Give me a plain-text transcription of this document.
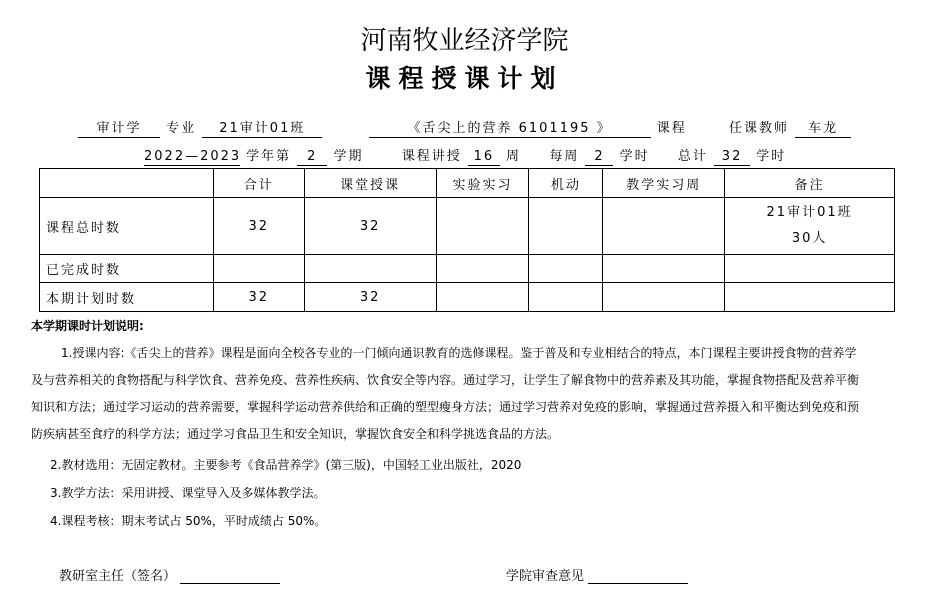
河南牧业经济学院
课程授课计划
审计学 专业 21审计01班	《舌尖上的营养 6101195 》	课程	任课教师 车龙
2022—2023 学年第 2 学期	课程讲授 16 周 每周 2 学时 总计 32 学时
	合计	课堂授课	实验实习	机动	教学实习周	备注
课程总时数	32	32				21审计01班
30人

已完成时数						
本期计划时数	32	32				
本学期课时计划说明:
1.授课内容:《舌尖上的营养》课程是面向全校各专业的一门倾向通识教育的选修课程。鉴于普及和专业相结合的特点，本门课程主要讲授食物的营养学
及与营养相关的食物搭配与科学饮食、营养免疫、营养性疾病、饮食安全等内容。通过学习，让学生了解食物中的营养素及其功能，掌握食物搭配及营养平衡
知识和方法；通过学习运动的营养需要，掌握科学运动营养供给和正确的塑型瘦身方法；通过学习营养对免疫的影响，掌握通过营养摄入和平衡达到免疫和预
防疾病甚至食疗的科学方法；通过学习食品卫生和安全知识，掌握饮食安全和科学挑选食品的方法。
2.教材选用：无固定教材。主要参考《食品营养学》(第三版)，中国轻工业出版社，2020
3.教学方法：采用讲授、课堂导入及多媒体教学法。
4.课程考核：期末考试占 50%，平时成绩占 50%。
教研室主任（签名）	学院审查意见
